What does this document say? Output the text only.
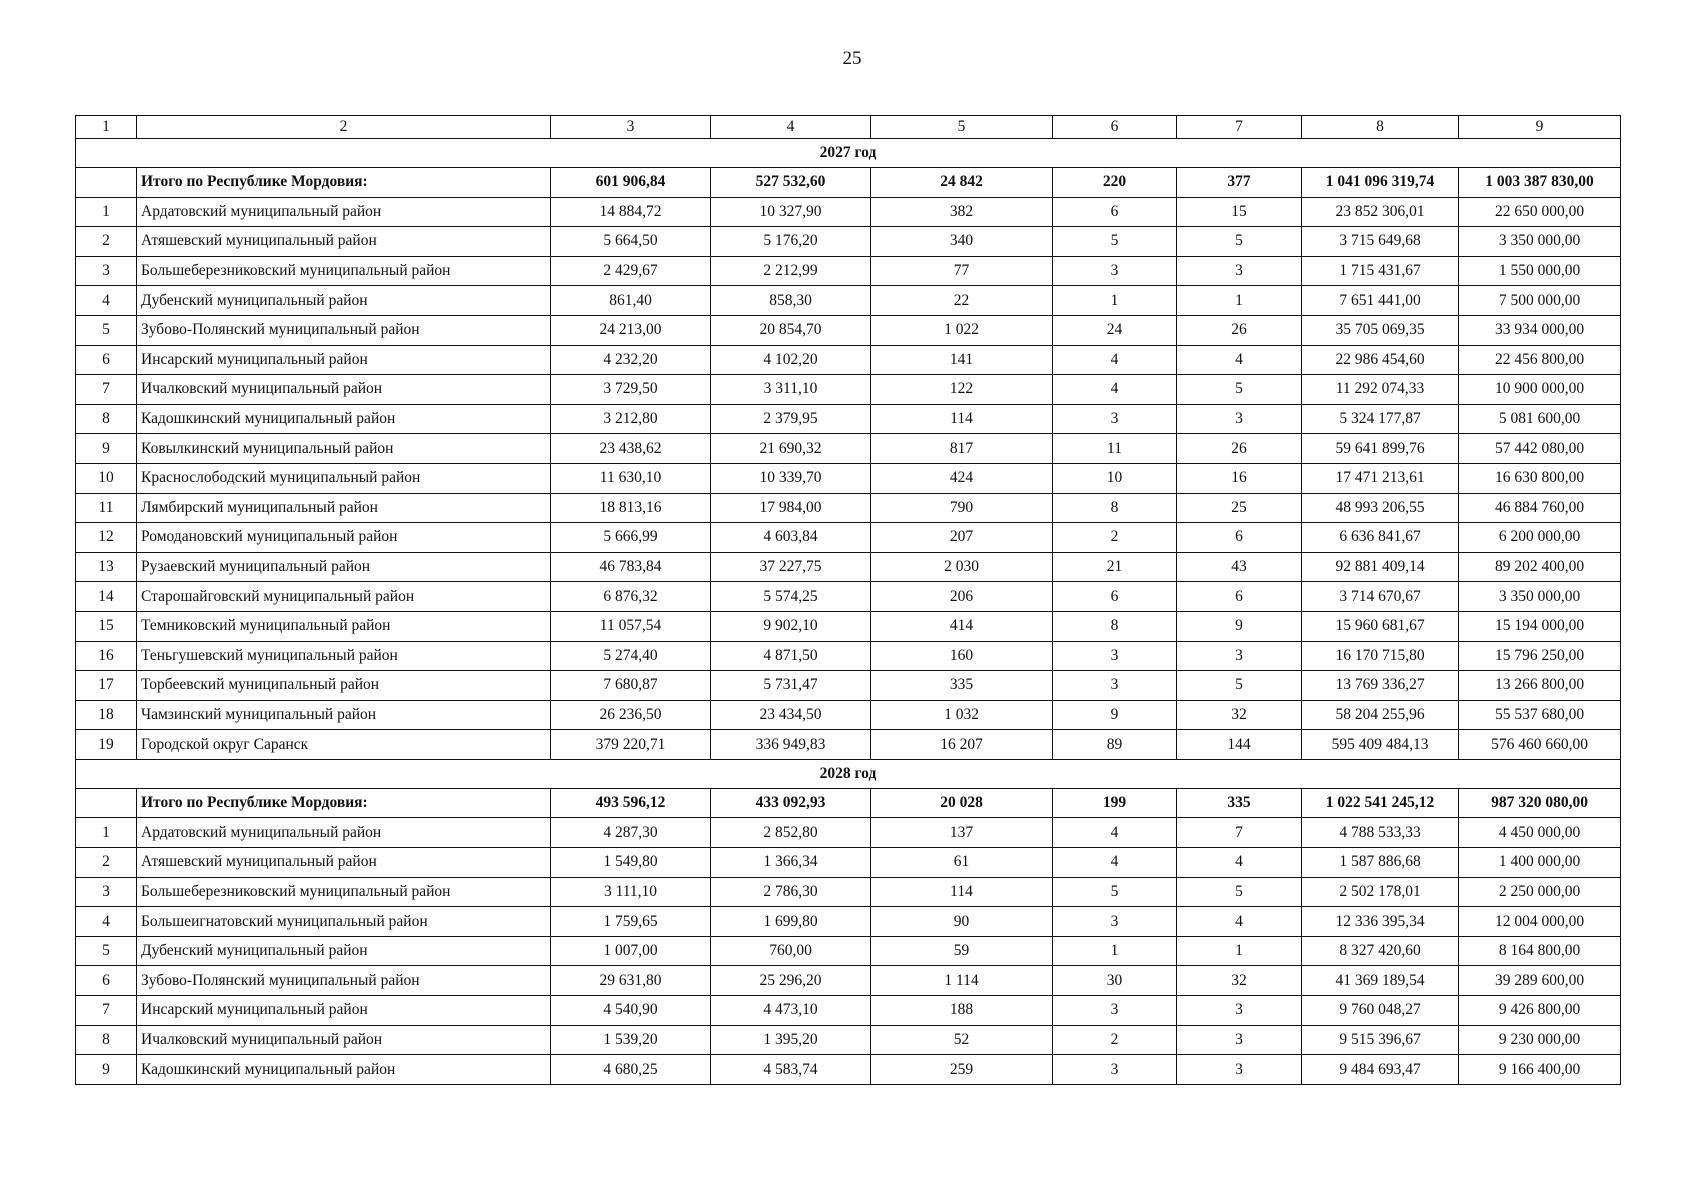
25
1	2	3	4	5	6	7	8	9
2027 год								
	Итого по Республике Мордовия:	601 906,84	527 532,60	24 842	220	377	1 041 096 319,74	1 003 387 830,00
1	Ардатовский муниципальный район	14 884,72	10 327,90	382	6	15	23 852 306,01	22 650 000,00
2	Атяшевский муниципальный район	5 664,50	5 176,20	340	5	5	3 715 649,68	3 350 000,00
3	Большеберезниковский муниципальный район	2 429,67	2 212,99	77	3	3	1 715 431,67	1 550 000,00
4	Дубенский муниципальный район	861,40	858,30	22	1	1	7 651 441,00	7 500 000,00
5	Зубово-Полянский муниципальный район	24 213,00	20 854,70	1 022	24	26	35 705 069,35	33 934 000,00
6	Инсарский муниципальный район	4 232,20	4 102,20	141	4	4	22 986 454,60	22 456 800,00
7	Ичалковский муниципальный район	3 729,50	3 311,10	122	4	5	11 292 074,33	10 900 000,00
8	Кадошкинский муниципальный район	3 212,80	2 379,95	114	3	3	5 324 177,87	5 081 600,00
9	Ковылкинский муниципальный район	23 438,62	21 690,32	817	11	26	59 641 899,76	57 442 080,00
10	Краснослободский муниципальный район	11 630,10	10 339,70	424	10	16	17 471 213,61	16 630 800,00
11	Лямбирский муниципальный район	18 813,16	17 984,00	790	8	25	48 993 206,55	46 884 760,00
12	Ромодановский муниципальный район	5 666,99	4 603,84	207	2	6	6 636 841,67	6 200 000,00
13	Рузаевский муниципальный район	46 783,84	37 227,75	2 030	21	43	92 881 409,14	89 202 400,00
14	Старошайговский муниципальный район	6 876,32	5 574,25	206	6	6	3 714 670,67	3 350 000,00
15	Темниковский муниципальный район	11 057,54	9 902,10	414	8	9	15 960 681,67	15 194 000,00
16	Теньгушевский муниципальный район	5 274,40	4 871,50	160	3	3	16 170 715,80	15 796 250,00
17	Торбеевский муниципальный район	7 680,87	5 731,47	335	3	5	13 769 336,27	13 266 800,00
18	Чамзинский муниципальный район	26 236,50	23 434,50	1 032	9	32	58 204 255,96	55 537 680,00
19	Городской округ Саранск	379 220,71	336 949,83	16 207	89	144	595 409 484,13	576 460 660,00
2028 год								
	Итого по Республике Мордовия:	493 596,12	433 092,93	20 028	199	335	1 022 541 245,12	987 320 080,00
1	Ардатовский муниципальный район	4 287,30	2 852,80	137	4	7	4 788 533,33	4 450 000,00
2	Атяшевский муниципальный район	1 549,80	1 366,34	61	4	4	1 587 886,68	1 400 000,00
3	Большеберезниковский муниципальный район	3 111,10	2 786,30	114	5	5	2 502 178,01	2 250 000,00
4	Большеигнатовский муниципальный район	1 759,65	1 699,80	90	3	4	12 336 395,34	12 004 000,00
5	Дубенский муниципальный район	1 007,00	760,00	59	1	1	8 327 420,60	8 164 800,00
6	Зубово-Полянский муниципальный район	29 631,80	25 296,20	1 114	30	32	41 369 189,54	39 289 600,00
7	Инсарский муниципальный район	4 540,90	4 473,10	188	3	3	9 760 048,27	9 426 800,00
8	Ичалковский муниципальный район	1 539,20	1 395,20	52	2	3	9 515 396,67	9 230 000,00
9	Кадошкинский муниципальный район	4 680,25	4 583,74	259	3	3	9 484 693,47	9 166 400,00
